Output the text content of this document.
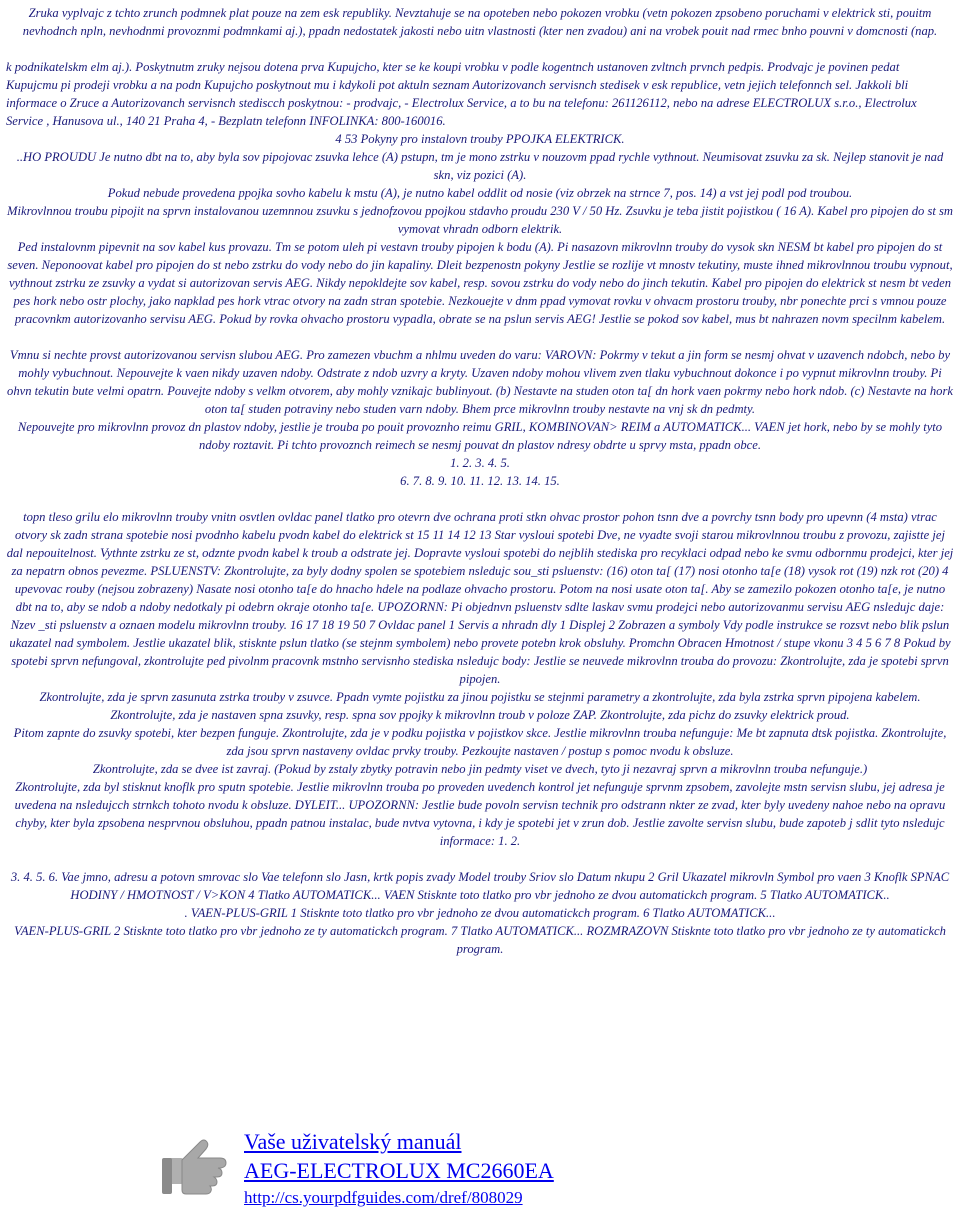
Zruka vyplvajc z tchto zrunch podmnek plat pouze na zem esk republiky. Nevztahuje se na opoteben nebo pokozen vrobku (vetn pokozen zpsobeno poruchami v elektrick sti, pouitm nevhodnch npln, nevhodnmi provoznmi podmnkami aj.), ppadn nedostatek jakosti nebo uitn vlastnosti (kter nen zvadou) ani na vrobek pouit nad rmec bnho pouvni v domcnosti (nap.

k podnikatelskm elm aj.). Poskytnutm zruky nejsou dotena prva Kupujcho, kter se ke koupi vrobku v podle kogentnch ustanoven zvltnch prvnch pedpis. Prodvajc je povinen pedat Kupujcmu pi prodeji vrobku a na podn Kupujcho poskytnout mu i kdykoli pot aktuln seznam Autorizovanch servisnch stedisek v esk republice, vetn jejich telefonnch sel. Jakkoli bli informace o Zruce a Autorizovanch servisnch stediscch poskytnou: - prodvajc, - Electrolux Service, a to bu na telefonu: 261126112, nebo na adrese ELECTROLUX s.r.o., Electrolux Service , Hanusova ul., 140 21 Praha 4, - Bezplatn telefonn INFOLINKA: 800-160016.

4 53 Pokyny pro instalovn trouby PPOJKA ELEKTRICK.

..HO PROUDU Je nutno dbt na to, aby byla sov pipojovac zsuvka lehce (A) pstupn, tm je mono zstrku v nouzovm ppad rychle vythnout. Neumisovat zsuvku za sk. Nejlep stanovit je nad skn, viz pozici (A).

Pokud nebude provedena ppojka sovho kabelu k mstu (A), je nutno kabel oddlit od nosie (viz obrzek na strnce 7, pos. 14) a vst jej podl pod troubou.

Mikrovlnnou troubu pipojit na sprvn instalovanou uzemnnou zsuvku s jednofzovou ppojkou stdavho proudu 230 V / 50 Hz. Zsuvku je teba jistit pojistkou ( 16 A). Kabel pro pipojen do st sm vymovat vhradn odborn elektrik.

Ped instalovnm pipevnit na sov kabel kus provazu. Tm se potom uleh pi vestavn trouby pipojen k bodu (A). Pi nasazovn mikrovlnn trouby do vysok skn NESM bt kabel pro pipojen do st seven. Neponoovat kabel pro pipojen do st nebo zstrku do vody nebo do jin kapaliny. Dleit bezpenostn pokyny Jestlie se rozlije vt mnostv tekutiny, muste ihned mikrovlnnou troubu vypnout, vythnout zstrku ze zsuvky a vydat si autorizovan servis AEG. Nikdy nepokldejte sov kabel, resp. sovou zstrku do vody nebo do jinch tekutin. Kabel pro pipojen do elektrick st nesm bt veden pes hork nebo ostr plochy, jako napklad pes hork vtrac otvory na zadn stran spotebie. Nezkouejte v dnm ppad vymovat rovku v ohvacm prostoru trouby, nbr ponechte prci s vmnou pouze pracovnkm autorizovanho servisu AEG. Pokud by rovka ohvacho prostoru vypadla, obrate se na pslun servis AEG! Jestlie se pokod sov kabel, mus bt nahrazen novm specilnm kabelem.

Vmnu si nechte provst autorizovanou servisn slubou AEG. Pro zamezen vbuchm a nhlmu uveden do varu: VAROVN: Pokrmy v tekut a jin form se nesmj ohvat v uzavench ndobch, nebo by mohly vybuchnout. Nepouvejte k vaen nikdy uzaven ndoby. Odstrate z ndob uzvry a kryty. Uzaven ndoby mohou vlivem zven tlaku vybuchnout dokonce i po vypnut mikrovlnn trouby. Pi ohvn tekutin bute velmi opatrn. Pouvejte ndoby s velkm otvorem, aby mohly vznikajc bublinyout. (b) Nestavte na studen oton ta[ dn hork vaen pokrmy nebo hork ndob. (c) Nestavte na hork oton ta[ studen potraviny nebo studen varn ndoby. Bhem prce mikrovlnn trouby nestavte na vnj sk dn pedmty.

Nepouvejte pro mikrovlnn provoz dn plastov ndoby, jestlie je trouba po pouit provoznho reimu GRIL, KOMBINOVAN> REIM a AUTOMATICK... VAEN jet hork, nebo by se mohly tyto ndoby roztavit. Pi tchto provoznch reimech se nesmj pouvat dn plastov ndresy obdrte u sprvy msta, ppadn obce.

1. 2. 3. 4. 5.

6. 7. 8. 9. 10. 11. 12. 13. 14. 15.

topn tleso grilu elo mikrovlnn trouby vnitn osvtlen ovldac panel tlatko pro otevrn dve ochrana proti stkn ohvac prostor pohon tsnn dve a povrchy tsnn body pro upevnn (4 msta) vtrac otvory sk zadn strana spotebie nosi pvodnho kabelu pvodn kabel do elektrick st 15 11 14 12 13 Star vysloui spotebi Dve, ne vyadte svoji starou mikrovlnnou troubu z provozu, zajistte jej dal nepouitelnost. Vythnte zstrku ze st, odznte pvodn kabel k troub a odstrate jej. Dopravte vysloui spotebi do nejblih stediska pro recyklaci odpad nebo ke svmu odbornmu prodejci, kter jej za nepatrn obnos pevezme. PSLUENSTV: Zkontrolujte, za byly dodny spolen se spotebiem nsledujc sou_sti psluenstv: (16) oton ta[ (17) nosi otonho ta[e (18) vysok rot (19) nzk rot (20) 4 upevovac rouby (nejsou zobrazeny) Nasate nosi otonho ta[e do hnacho hdele na podlaze ohvacho prostoru. Potom na nosi usate oton ta[. Aby se zamezilo pokozen otonho ta[e, je nutno dbt na to, aby se ndob a ndoby nedotkaly pi odebrn okraje otonho ta[e. UPOZORNN: Pi objednvn psluenstv sdlte laskav svmu prodejci nebo autorizovanmu servisu AEG nsledujc daje: Nzev _sti psluenstv a oznaen modelu mikrovlnn trouby. 16 17 18 19 50 7 Ovldac panel 1 Servis a nhradn dly 1 Displej 2 Zobrazen a symboly Vdy podle instrukce se rozsvt nebo blik pslun ukazatel nad symbolem. Jestlie ukazatel blik, stisknte pslun tlatko (se stejnm symbolem) nebo provete potebn krok obsluhy. Promchn Obracen Hmotnost / stupe vkonu 3 4 5 6 7 8 Pokud by spotebi sprvn nefungoval, zkontrolujte ped pivolnm pracovnk mstnho servisnho stediska nsledujc body: Jestlie se neuvede mikrovlnn trouba do provozu: Zkontrolujte, zda je spotebi sprvn pipojen.

Zkontrolujte, zda je sprvn zasunuta zstrka trouby v zsuvce. Ppadn vymte pojistku za jinou pojistku se stejnmi parametry a zkontrolujte, zda byla zstrka sprvn pipojena kabelem. Zkontrolujte, zda je nastaven spna zsuvky, resp. spna sov ppojky k mikrovlnn troub v poloze ZAP. Zkontrolujte, zda pichz do zsuvky elektrick proud.

Pitom zapnte do zsuvky spotebi, kter bezpen funguje. Zkontrolujte, zda je v podku pojistka v pojistkov skce. Jestlie mikrovlnn trouba nefunguje: Me bt zapnuta dtsk pojistka. Zkontrolujte, zda jsou sprvn nastaveny ovldac prvky trouby. Pezkoujte nastaven / postup s pomoc nvodu k obsluze.

Zkontrolujte, zda se dvee ist zavraj. (Pokud by zstaly zbytky potravin nebo jin pedmty viset ve dvech, tyto ji nezavraj sprvn a mikrovlnn trouba nefunguje.)

Zkontrolujte, zda byl stisknut knoflk pro sputn spotebie. Jestlie mikrovlnn trouba po proveden uvedench kontrol jet nefunguje sprvnm zpsobem, zavolejte mstn servisn slubu, jej adresa je uvedena na nsledujcch strnkch tohoto nvodu k obsluze. DYLEIT... UPOZORNN: Jestlie bude povoln servisn technik pro odstrann nkter ze zvad, kter byly uvedeny nahoe nebo na opravu chyby, kter byla zpsobena nesprvnou obsluhou, ppadn patnou instalac, bude nvtva vytovna, i kdy je spotebi jet v zrun dob. Jestlie zavolte servisn slubu, bude zapoteb j sdlit tyto nsledujc informace: 1. 2.

3. 4. 5. 6. Vae jmno, adresu a potovn smrovac slo Vae telefonn slo Jasn, krtk popis zvady Model trouby Sriov slo Datum nkupu 2 Gril Ukazatel mikrovln Symbol pro vaen 3 Knoflk SPNAC HODINY / HMOTNOST / V>KON 4 Tlatko AUTOMATICK... VAEN Stisknte toto tlatko pro vbr jednoho ze dvou automatickch program. 5 Tlatko AUTOMATICK..

. VAEN-PLUS-GRIL 1 Stisknte toto tlatko pro vbr jednoho ze dvou automatickch program. 6 Tlatko AUTOMATICK...

VAEN-PLUS-GRIL 2 Stisknte toto tlatko pro vbr jednoho ze ty automatickch program. 7 Tlatko AUTOMATICK... ROZMRAZOVN Stisknte toto tlatko pro vbr jednoho ze ty automatickch program.

Vaše uživatelský manuál
AEG-ELECTROLUX MC2660EA
http://cs.yourpdfguides.com/dref/808029
